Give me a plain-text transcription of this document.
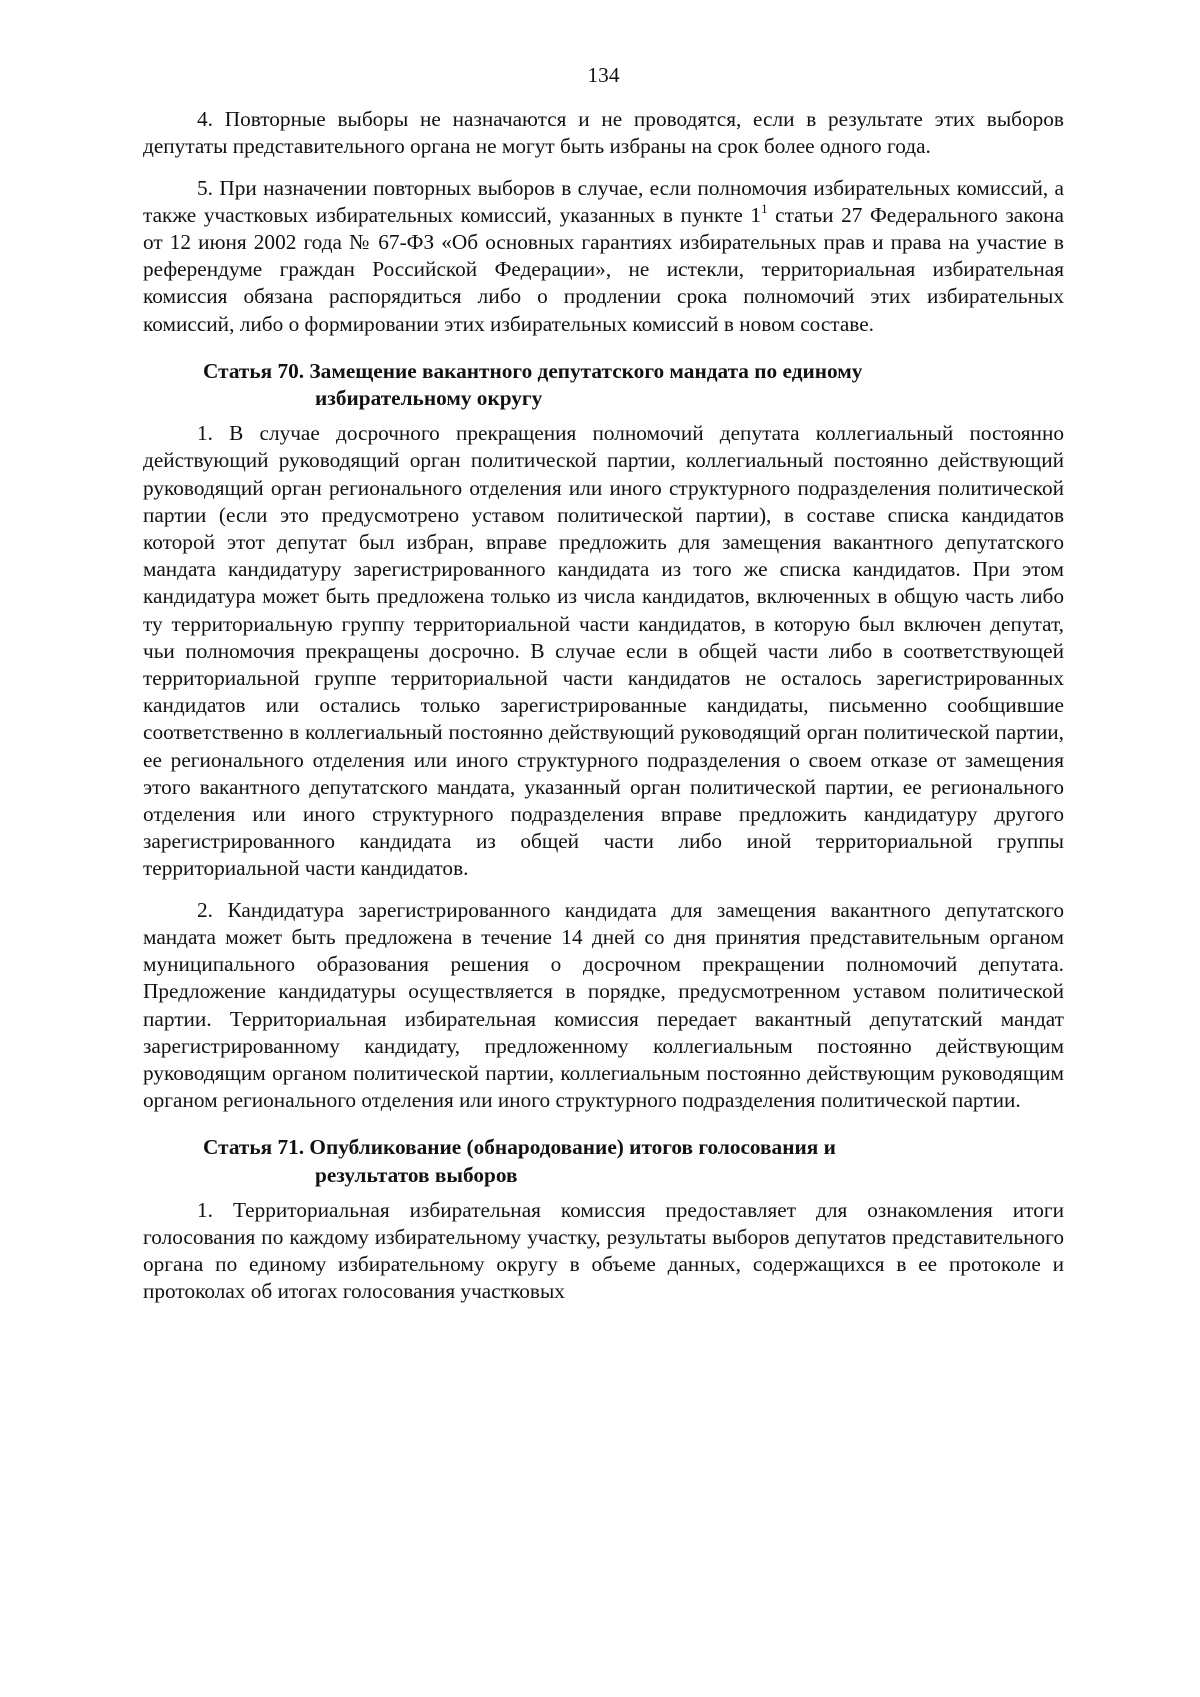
134

4. Повторные выборы не назначаются и не проводятся, если в результате этих выборов депутаты представительного органа не могут быть избраны на срок более одного года.

5. При назначении повторных выборов в случае, если полномочия избирательных комиссий, а также участковых избирательных комиссий, указанных в пункте $1^1$ статьи 27 Федерального закона от 12 июня 2002 года № 67-ФЗ «Об основных гарантиях избирательных прав и права на участие в референдуме граждан Российской Федерации», не истекли, территориальная избирательная комиссия обязана распорядиться либо о продлении срока полномочий этих избирательных комиссий, либо о формировании этих избирательных комиссий в новом составе.

Статья 70. Замещение вакантного депутатского мандата по единому
избирательному округу

1. В случае досрочного прекращения полномочий депутата коллегиальный постоянно действующий руководящий орган политической партии, коллегиальный постоянно действующий руководящий орган регионального отделения или иного структурного подразделения политической партии (если это предусмотрено уставом политической партии), в составе списка кандидатов которой этот депутат был избран, вправе предложить для замещения вакантного депутатского мандата кандидатуру зарегистрированного кандидата из того же списка кандидатов. При этом кандидатура может быть предложена только из числа кандидатов, включенных в общую часть либо ту территориальную группу территориальной части кандидатов, в которую был включен депутат, чьи полномочия прекращены досрочно. В случае если в общей части либо в соответствующей территориальной группе территориальной части кандидатов не осталось зарегистрированных кандидатов или остались только зарегистрированные кандидаты, письменно сообщившие соответственно в коллегиальный постоянно действующий руководящий орган политической партии, ее регионального отделения или иного структурного подразделения о своем отказе от замещения этого вакантного депутатского мандата, указанный орган политической партии, ее регионального отделения или иного структурного подразделения вправе предложить кандидатуру другого зарегистрированного кандидата из общей части либо иной территориальной группы территориальной части кандидатов.

2. Кандидатура зарегистрированного кандидата для замещения вакантного депутатского мандата может быть предложена в течение 14 дней со дня принятия представительным органом муниципального образования решения о досрочном прекращении полномочий депутата. Предложение кандидатуры осуществляется в порядке, предусмотренном уставом политической партии. Территориальная избирательная комиссия передает вакантный депутатский мандат зарегистрированному кандидату, предложенному коллегиальным постоянно действующим руководящим органом политической партии, коллегиальным постоянно действующим руководящим органом регионального отделения или иного структурного подразделения политической партии.

Статья 71. Опубликование (обнародование) итогов голосования и
результатов выборов

1. Территориальная избирательная комиссия предоставляет для ознакомления итоги голосования по каждому избирательному участку, результаты выборов депутатов представительного органа по единому избирательному округу в объеме данных, содержащихся в ее протоколе и протоколах об итогах голосования участковых
